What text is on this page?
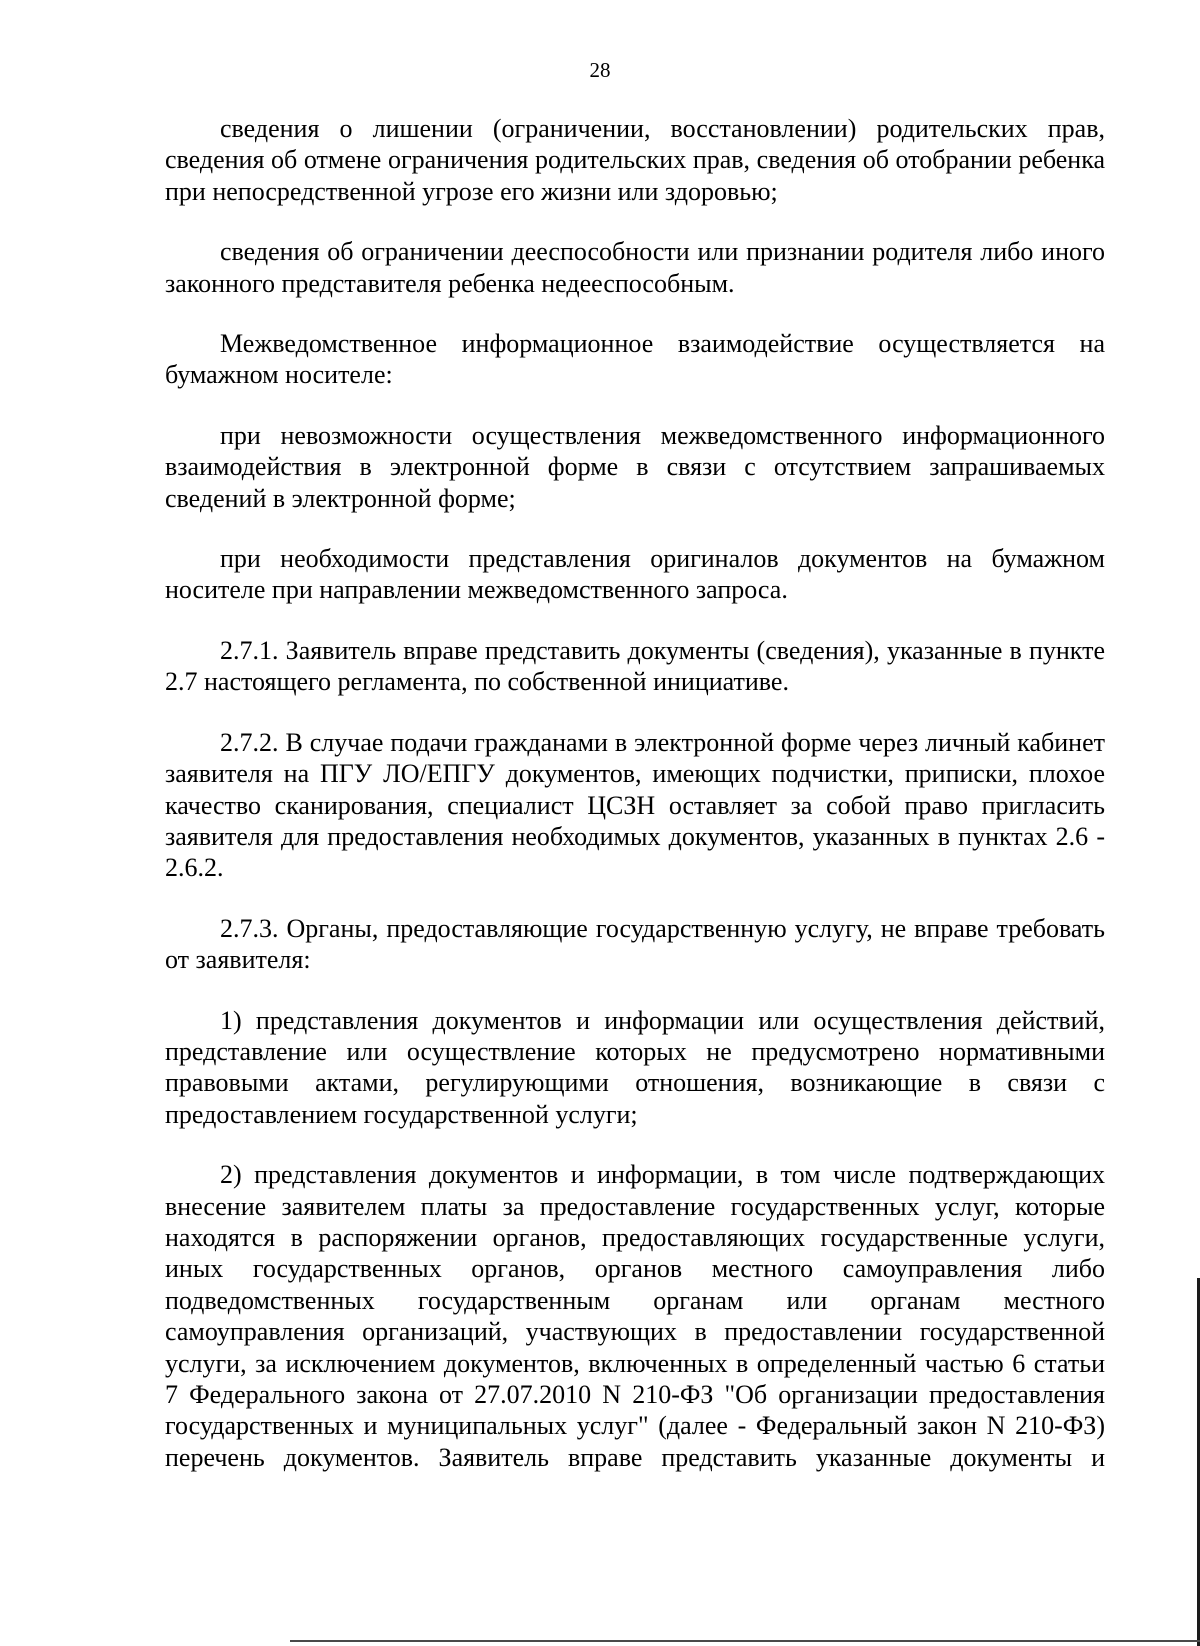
28

сведения о лишении (ограничении, восстановлении) родительских прав, сведения об отмене ограничения родительских прав, сведения об отобрании ребенка при непосредственной угрозе его жизни или здоровью;

сведения об ограничении дееспособности или признании родителя либо иного законного представителя ребенка недееспособным.

Межведомственное информационное взаимодействие осуществляется на бумажном носителе:

при невозможности осуществления межведомственного информационного взаимодействия в электронной форме в связи с отсутствием запрашиваемых сведений в электронной форме;

при необходимости представления оригиналов документов на бумажном носителе при направлении межведомственного запроса.

2.7.1. Заявитель вправе представить документы (сведения), указанные в пункте 2.7 настоящего регламента, по собственной инициативе.

2.7.2. В случае подачи гражданами в электронной форме через личный кабинет заявителя на ПГУ ЛО/ЕПГУ документов, имеющих подчистки, приписки, плохое качество сканирования, специалист ЦСЗН оставляет за собой право пригласить заявителя для предоставления необходимых документов, указанных в пунктах 2.6 - 2.6.2.

2.7.3. Органы, предоставляющие государственную услугу, не вправе требовать от заявителя:

1) представления документов и информации или осуществления действий, представление или осуществление которых не предусмотрено нормативными правовыми актами, регулирующими отношения, возникающие в связи с предоставлением государственной услуги;

2) представления документов и информации, в том числе подтверждающих внесение заявителем платы за предоставление государственных услуг, которые находятся в распоряжении органов, предоставляющих государственные услуги, иных государственных органов, органов местного самоуправления либо подведомственных государственным органам или органам местного самоуправления организаций, участвующих в предоставлении государственной услуги, за исключением документов, включенных в определенный частью 6 статьи 7 Федерального закона от 27.07.2010 N 210-ФЗ "Об организации предоставления государственных и муниципальных услуг" (далее - Федеральный закон N 210-ФЗ) перечень документов. Заявитель вправе представить указанные документы и
